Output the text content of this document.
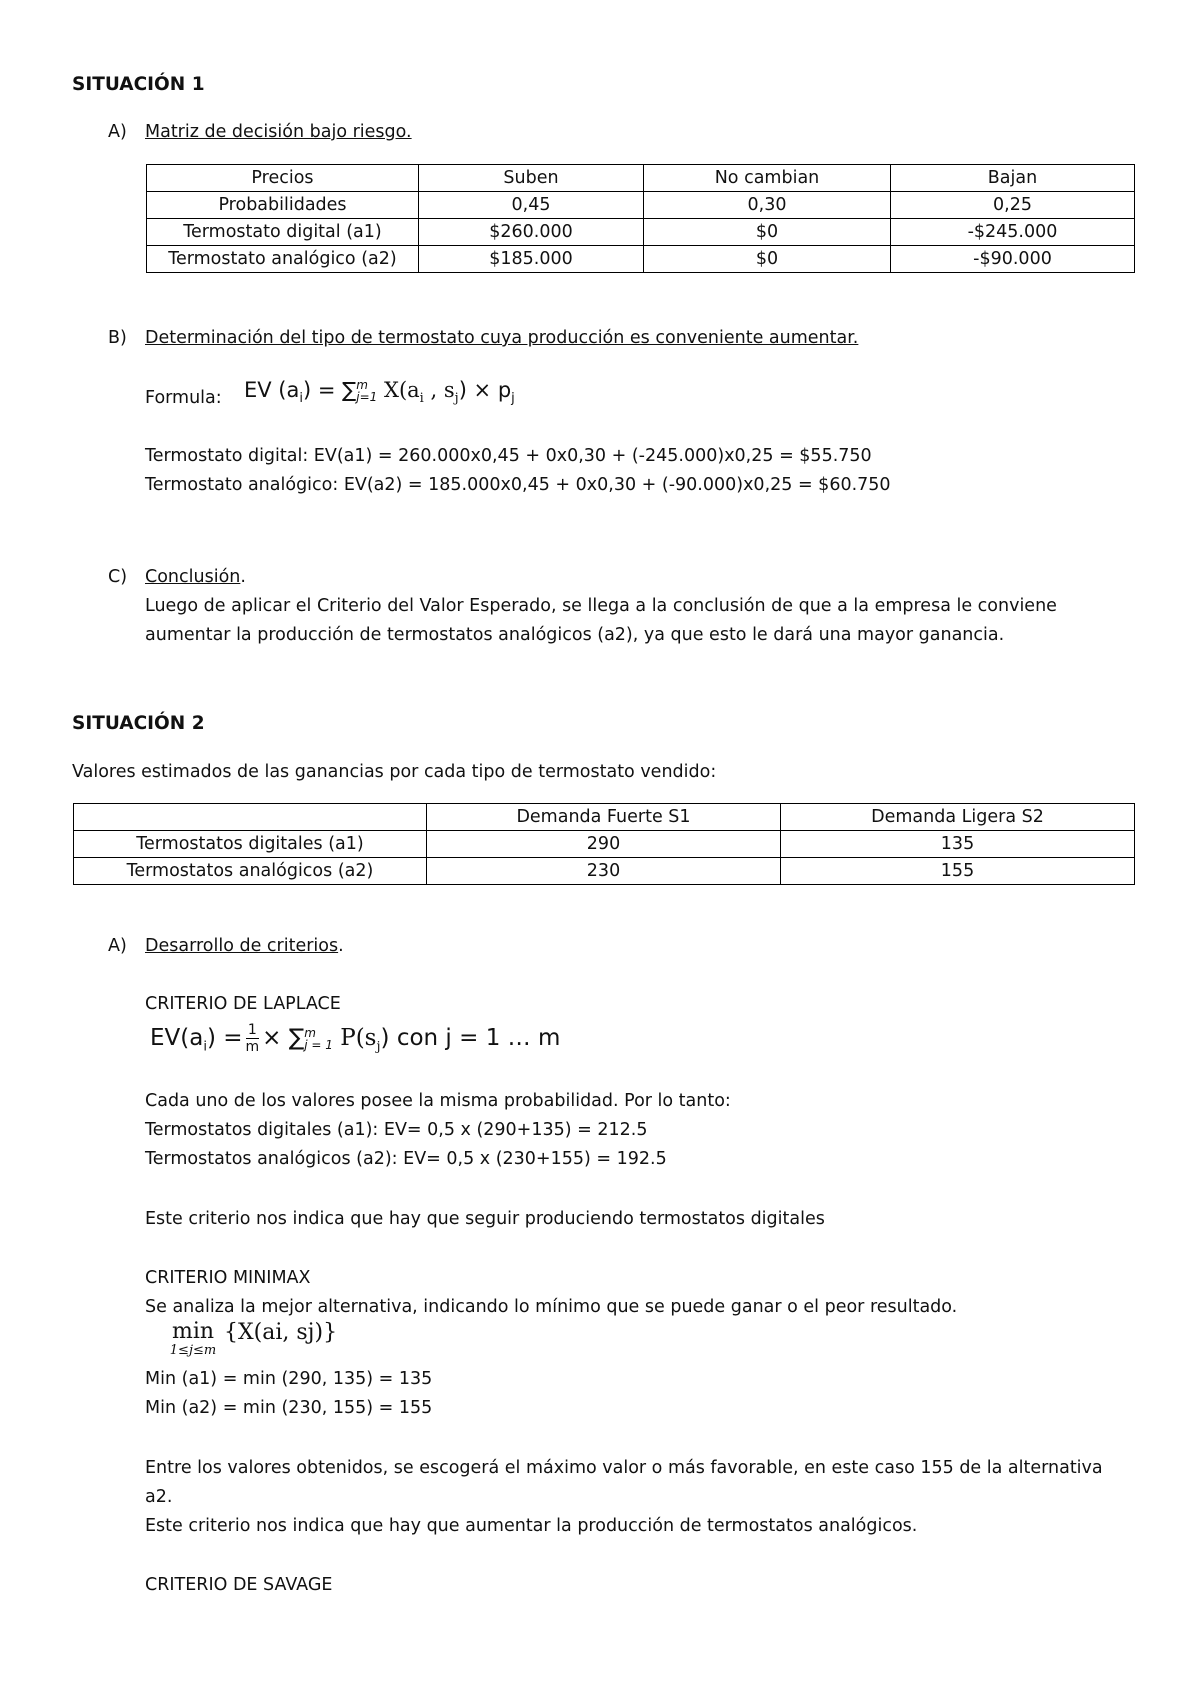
SITUACIÓN 1
A) Matriz de decisión bajo riesgo.
Precios	Suben	No cambian	Bajan
Probabilidades	0,45	0,30	0,25
Termostato digital (a1)	$260.000	$0	-$245.000
Termostato analógico (a2)	$185.000	$0	-$90.000
B) Determinación del tipo de termostato cuya producción es conveniente aumentar.
Formula: EV $(a_i)$ = ∑ m
j=1 $X(a_i$ , $s_j) \times p_j$
Termostato digital: EV(a1) = 260.000x0,45 + 0x0,30 + (-245.000)x0,25 = $55.750
Termostato analógico: EV(a2) = 185.000x0,45 + 0x0,30 + (-90.000)x0,25 = $60.750
C) Conclusión.
Luego de aplicar el Criterio del Valor Esperado, se llega a la conclusión de que a la empresa le conviene
aumentar la producción de termostatos analógicos (a2), ya que esto le dará una mayor ganancia.
SITUACIÓN 2
Valores estimados de las ganancias por cada tipo de termostato vendido:
	Demanda Fuerte S1	Demanda Ligera S2
Termostatos digitales (a1)	290	135
Termostatos analógicos (a2)	230	155
A) Desarrollo de criterios.
CRITERIO DE LAPLACE
$EV(a_i) = \frac{1}{m}$ × ∑ m
j = 1 $P(s_j)$ con j = 1 … m
Cada uno de los valores posee la misma probabilidad. Por lo tanto:
Termostatos digitales (a1): EV= 0,5 x (290+135) = 212.5
Termostatos analógicos (a2): EV= 0,5 x (230+155) = 192.5
Este criterio nos indica que hay que seguir produciendo termostatos digitales
CRITERIO MINIMAX
Se analiza la mejor alternativa, indicando lo mínimo que se puede ganar o el peor resultado.
min
1≤j≤m
{X(ai, sj)}
Min (a1) = min (290, 135) = 135
Min (a2) = min (230, 155) = 155
Entre los valores obtenidos, se escogerá el máximo valor o más favorable, en este caso 155 de la alternativa
a2.
Este criterio nos indica que hay que aumentar la producción de termostatos analógicos.
CRITERIO DE SAVAGE
